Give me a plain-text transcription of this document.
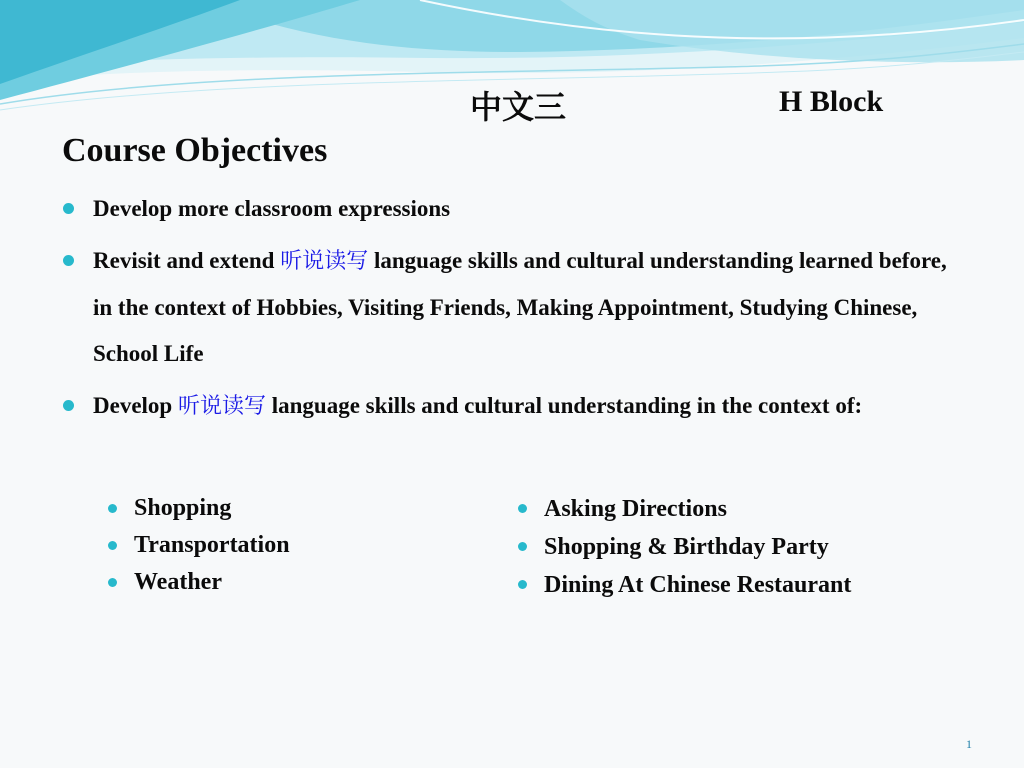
中文三	H Block
Course Objectives
Develop more classroom expressions
Revisit and extend 听说读写 language skills and cultural understanding learned before, in the context of Hobbies, Visiting Friends, Making Appointment, Studying Chinese, School Life
Develop 听说读写 language skills and cultural understanding in the context of:
Shopping
Transportation
Weather
Asking Directions
Shopping & Birthday Party
Dining At Chinese Restaurant
1
